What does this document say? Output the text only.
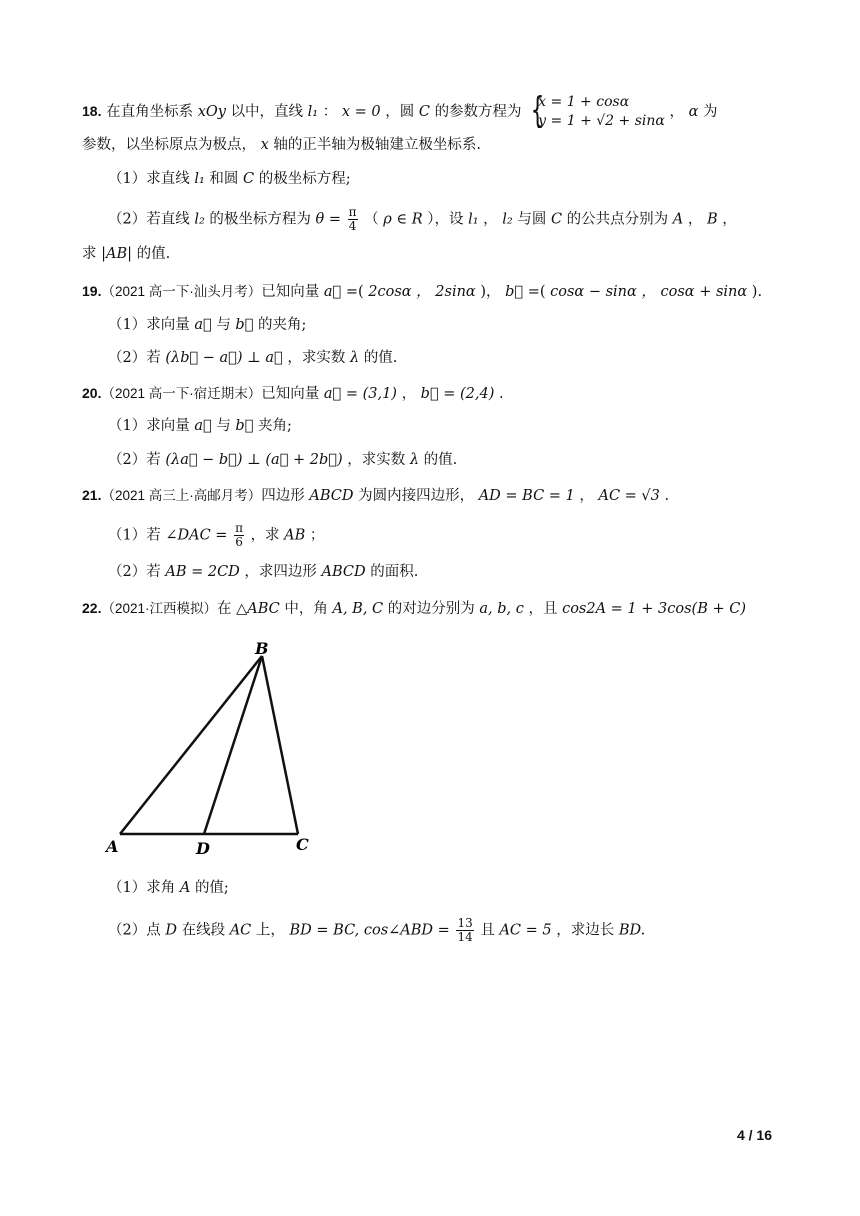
18. 在直角坐标系 xOy 以中，直线 l₁ ： x = 0 ，圆 C 的参数方程为 {
x = 1 + cosα
y = 1 + √2 + sinα
， α 为
参数，以坐标原点为极点， x 轴的正半轴为极轴建立极坐标系.
（1）求直线 l₁ 和圆 C 的极坐标方程;
（2）若直线 l₂ 的极坐标方程为 $\theta = \frac{\pi}{4}$ （ ρ ∈ R ），设 l₁ ， l₂ 与圆 C 的公共点分别为 A ， B ，
求 |AB| 的值.
19.（2021 高一下·汕头月考）已知向量 a⃗ =( 2cosα ， 2sinα )， b⃗ =( cosα − sinα ， cosα + sinα ).
（1）求向量 a⃗ 与 b⃗ 的夹角;
（2）若 (λb⃗ − a⃗) ⊥ a⃗ ，求实数 λ 的值.
20.（2021 高一下·宿迁期末）已知向量 a⃗ = (3,1) ， b⃗ = (2,4) .
（1）求向量 a⃗ 与 b⃗ 夹角;
（2）若 (λa⃗ − b⃗) ⊥ (a⃗ + 2b⃗) ，求实数 λ 的值.
21.（2021 高三上·高邮月考）四边形 ABCD 为圆内接四边形， AD = BC = 1 ， AC = √3 .
（1）若 ∠DAC = $\frac{\pi}{6}$ ，求 AB ；
（2）若 AB = 2CD ，求四边形 ABCD 的面积.
22.（2021·江西模拟）在 △ABC 中，角 A, B, C 的对边分别为 a, b, c ，且 cos2A = 1 + 3cos(B + C)
B
A	D	C
（1）求角 A 的值;
（2）点 D 在线段 AC 上， BD = BC, cos∠ABD = $\frac{13}{14}$ 且 AC = 5 ，求边长 BD.
4 / 16
